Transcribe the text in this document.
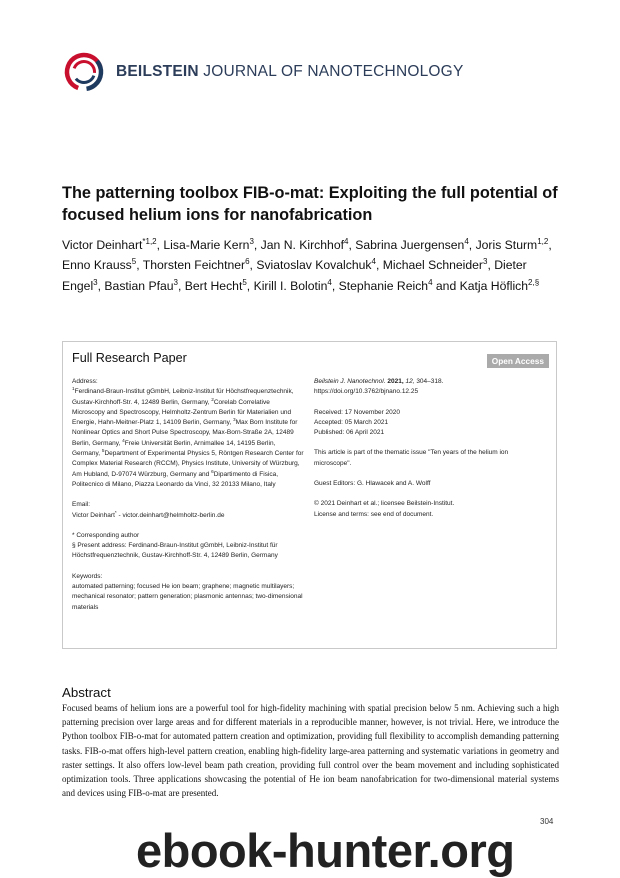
BEILSTEIN JOURNAL OF NANOTECHNOLOGY
The patterning toolbox FIB-o-mat: Exploiting the full potential of focused helium ions for nanofabrication
Victor Deinhart$^{*1,2}$, Lisa-Marie Kern$^3$, Jan N. Kirchhof$^4$, Sabrina Juergensen$^4$, Joris Sturm$^{1,2}$, Enno Krauss$^5$, Thorsten Feichtner$^6$, Sviatoslav Kovalchuk$^4$, Michael Schneider$^3$, Dieter Engel$^3$, Bastian Pfau$^3$, Bert Hecht$^5$, Kirill I. Bolotin$^4$, Stephanie Reich$^4$ and Katja Höflich$^{2,\S}$
Full Research Paper	Open Access
Address:
$^1$Ferdinand-Braun-Institut gGmbH, Leibniz-Institut für Höchstfrequenztechnik, Gustav-Kirchhoff-Str. 4, 12489 Berlin, Germany, $^2$Corelab Correlative Microscopy and Spectroscopy, Helmholtz-Zentrum Berlin für Materialien und Energie, Hahn-Meitner-Platz 1, 14109 Berlin, Germany, $^3$Max Born Institute for Nonlinear Optics and Short Pulse Spectroscopy, Max-Born-Straße 2A, 12489 Berlin, Germany, $^4$Freie Universität Berlin, Arnimallee 14, 14195 Berlin, Germany, $^5$Department of Experimental Physics 5, Röntgen Research Center for Complex Material Research (RCCM), Physics Institute, University of Würzburg, Am Hubland, D-97074 Würzburg, Germany and $^6$Dipartimento di Fisica, Politecnico di Milano, Piazza Leonardo da Vinci, 32 20133 Milano, Italy
Email:
Victor Deinhart* - victor.deinhart@helmholtz-berlin.de
* Corresponding author
§ Present address: Ferdinand-Braun-Institut gGmbH, Leibniz-Institut für Höchstfrequenztechnik, Gustav-Kirchhoff-Str. 4, 12489 Berlin, Germany
Keywords:
automated patterning; focused He ion beam; graphene; magnetic multilayers; mechanical resonator; pattern generation; plasmonic antennas; two-dimensional materials
Beilstein J. Nanotechnol. 2021, 12, 304–318.
https://doi.org/10.3762/bjnano.12.25
Received: 17 November 2020
Accepted: 05 March 2021
Published: 06 April 2021
This article is part of the thematic issue "Ten years of the helium ion microscope".
Guest Editors: G. Hlawacek and A. Wolff
© 2021 Deinhart et al.; licensee Beilstein-Institut.
License and terms: see end of document.
Abstract

Focused beams of helium ions are a powerful tool for high-fidelity machining with spatial precision below 5 nm. Achieving such a high patterning precision over large areas and for different materials in a reproducible manner, however, is not trivial. Here, we introduce the Python toolbox FIB-o-mat for automated pattern creation and optimization, providing full flexibility to accomplish demanding patterning tasks. FIB-o-mat offers high-level pattern creation, enabling high-fidelity large-area patterning and systematic variations in geometry and raster settings. It also offers low-level beam path creation, providing full control over the beam movement and including sophisticated optimization tools. Three applications showcasing the potential of He ion beam nanofabrication for two-dimensional material systems and devices using FIB-o-mat are presented.

304
ebook-hunter.org
